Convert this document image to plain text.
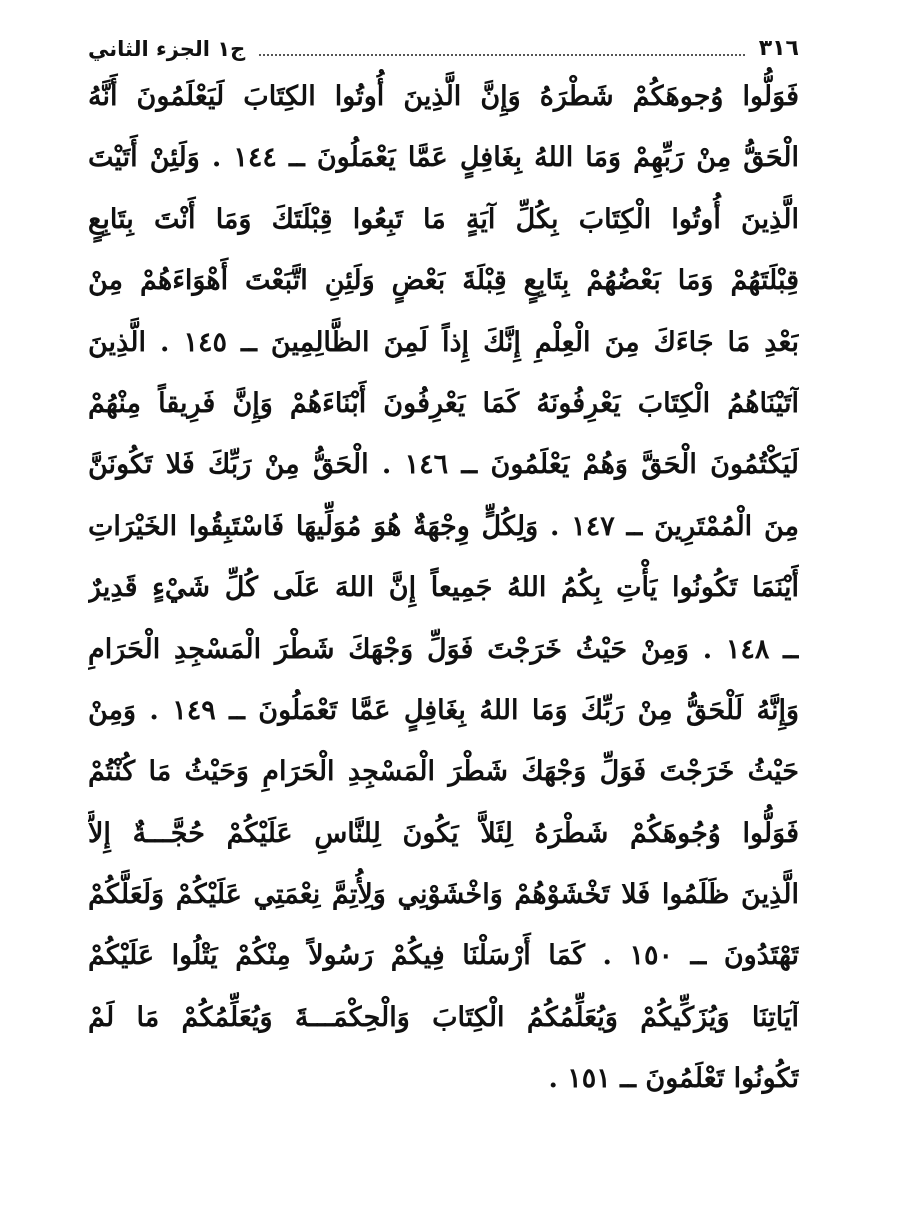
٣١٦
ج١ الجزء الثاني
فَوَلُّوا وُجوهَكُمْ شَطْرَهُ وَإِنَّ الَّذِينَ أُوتُوا الكِتَابَ لَيَعْلَمُونَ أَنَّهُ
الْحَقُّ مِنْ رَبِّهِمْ وَمَا اللهُ بِغَافِلٍ عَمَّا يَعْمَلُونَ ــ ١٤٤ . وَلَئِنْ أَتَيْتَ
الَّذِينَ أُوتُوا الْكِتَابَ بِكُلِّ آيَةٍ مَا تَبِعُوا قِبْلَتَكَ وَمَا أَنْتَ بِتَابِعٍ
قِبْلَتَهُمْ وَمَا بَعْضُهُمْ بِتَابِعٍ قِبْلَةَ بَعْضٍ وَلَئِنِ اتَّبَعْتَ أَهْوَاءَهُمْ مِنْ
بَعْدِ مَا جَاءَكَ مِنَ الْعِلْمِ إِنَّكَ إِذاً لَمِنَ الظَّالِمِينَ ــ ١٤٥ . الَّذِينَ
آتَيْنَاهُمُ الْكِتَابَ يَعْرِفُونَهُ كَمَا يَعْرِفُونَ أَبْنَاءَهُمْ وَإِنَّ فَرِيقاً مِنْهُمْ
لَيَكْتُمُونَ الْحَقَّ وَهُمْ يَعْلَمُونَ ــ ١٤٦ . الْحَقُّ مِنْ رَبِّكَ فَلا تَكُونَنَّ
مِنَ الْمُمْتَرِينَ ــ ١٤٧ . وَلِكُلٍّ وِجْهَةٌ هُوَ مُوَلِّيهَا فَاسْتَبِقُوا الخَيْرَاتِ
أَيْنَمَا تَكُونُوا يَأْتِ بِكُمُ اللهُ جَمِيعاً إِنَّ اللهَ عَلَى كُلِّ شَيْءٍ قَدِيرٌ
ــ ١٤٨ . وَمِنْ حَيْثُ خَرَجْتَ فَوَلِّ وَجْهَكَ شَطْرَ الْمَسْجِدِ الْحَرَامِ
وَإِنَّهُ لَلْحَقُّ مِنْ رَبِّكَ وَمَا اللهُ بِغَافِلٍ عَمَّا تَعْمَلُونَ ــ ١٤٩ . وَمِنْ
حَيْثُ خَرَجْتَ فَوَلِّ وَجْهَكَ شَطْرَ الْمَسْجِدِ الْحَرَامِ وَحَيْثُ مَا كُنْتُمْ
فَوَلُّوا وُجُوهَكُمْ شَطْرَهُ لِئَلاَّ يَكُونَ لِلنَّاسِ عَلَيْكُمْ حُجَّـــةٌ إِلاَّ
الَّذِينَ ظَلَمُوا فَلا تَخْشَوْهُمْ وَاخْشَوْنِي وَلِأُتِمَّ نِعْمَتِي عَلَيْكُمْ وَلَعَلَّكُمْ
تَهْتَدُونَ ــ ١٥٠ . كَمَا أَرْسَلْنَا فِيكُمْ رَسُولاً مِنْكُمْ يَتْلُوا عَلَيْكُمْ
آيَاتِنَا وَيُزَكِّيكُمْ وَيُعَلِّمُكُمُ الْكِتَابَ وَالْحِكْمَـــةَ وَيُعَلِّمُكُمْ مَا لَمْ
تَكُونُوا تَعْلَمُونَ ــ ١٥١ .
